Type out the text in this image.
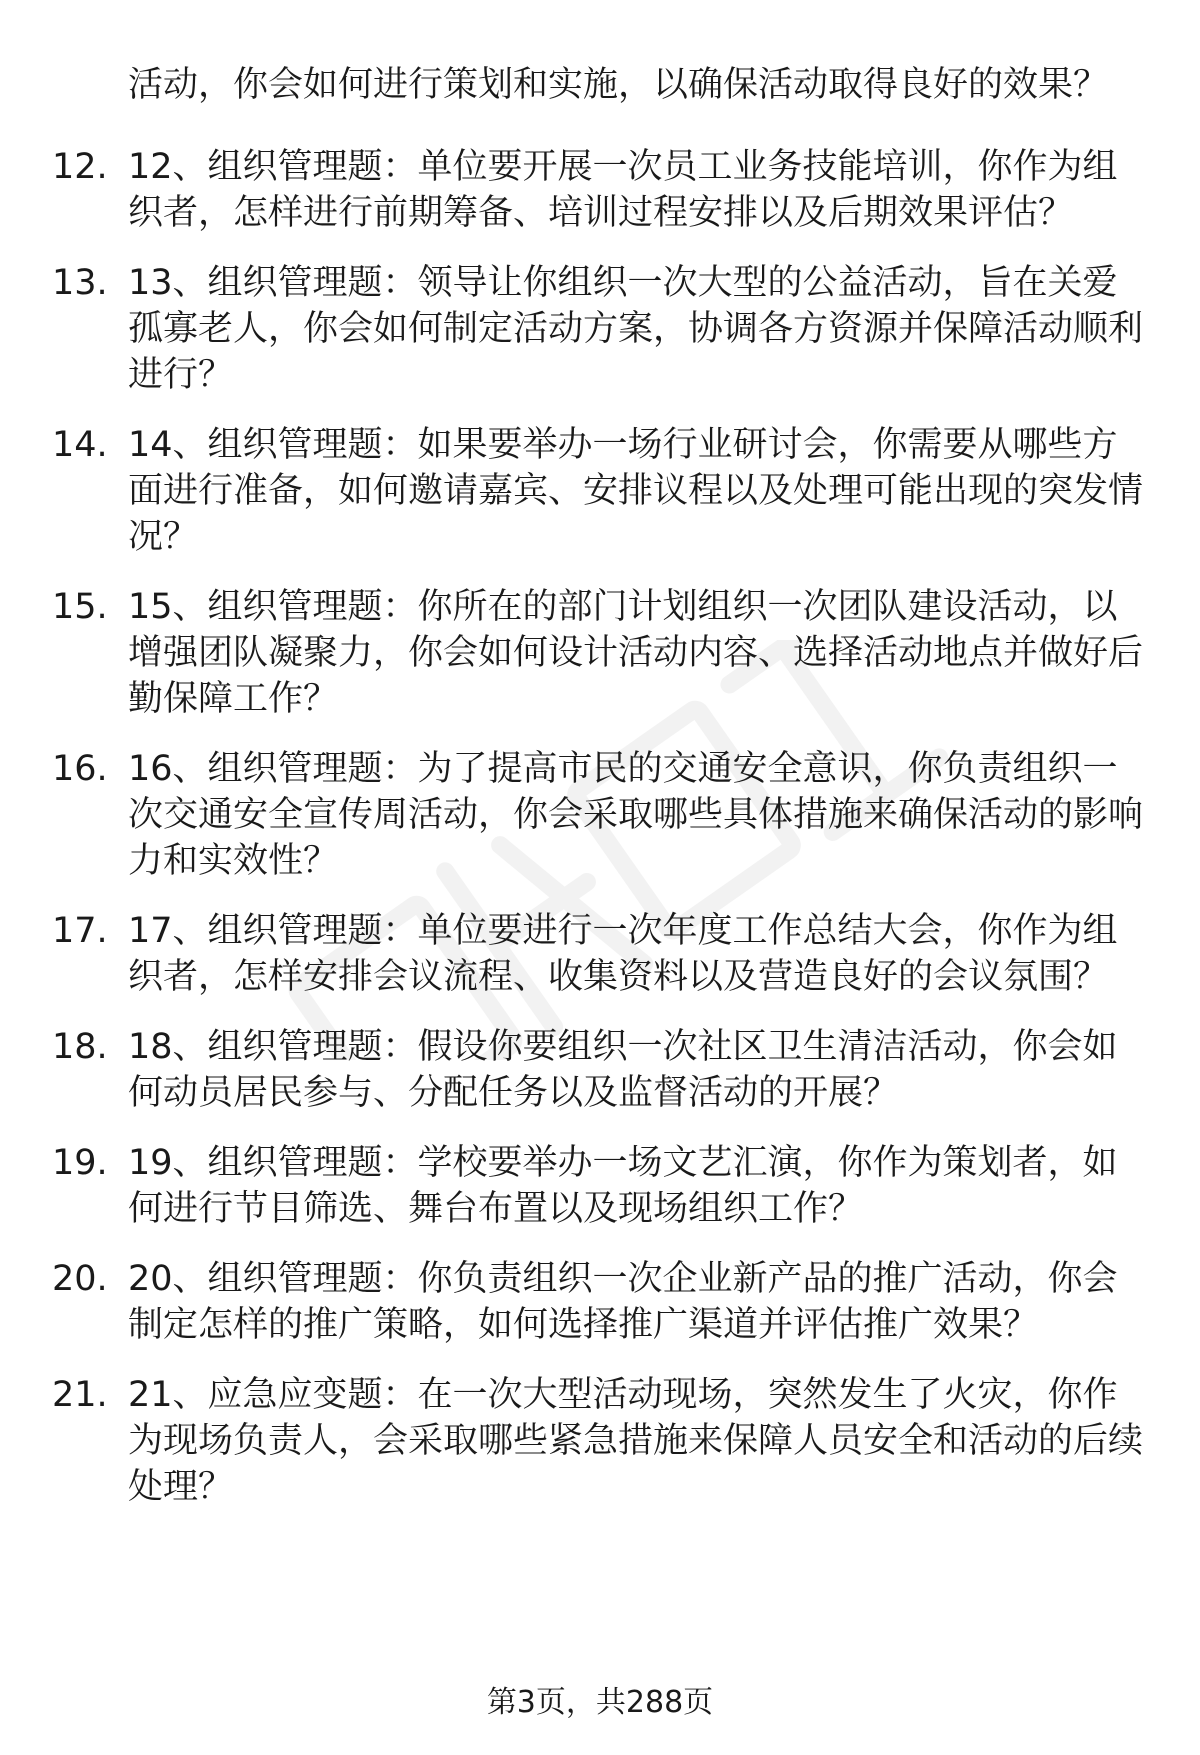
活动，你会如何进行策划和实施，以确保活动取得良好的效果？

12. 12、组织管理题：单位要开展一次员工业务技能培训，你作为组织者，怎样进行前期筹备、培训过程安排以及后期效果评估？

13. 13、组织管理题：领导让你组织一次大型的公益活动，旨在关爱孤寡老人，你会如何制定活动方案，协调各方资源并保障活动顺利进行？

14. 14、组织管理题：如果要举办一场行业研讨会，你需要从哪些方面进行准备，如何邀请嘉宾、安排议程以及处理可能出现的突发情况？

15. 15、组织管理题：你所在的部门计划组织一次团队建设活动，以增强团队凝聚力，你会如何设计活动内容、选择活动地点并做好后勤保障工作？

16. 16、组织管理题：为了提高市民的交通安全意识，你负责组织一次交通安全宣传周活动，你会采取哪些具体措施来确保活动的影响力和实效性？

17. 17、组织管理题：单位要进行一次年度工作总结大会，你作为组织者，怎样安排会议流程、收集资料以及营造良好的会议氛围？

18. 18、组织管理题：假设你要组织一次社区卫生清洁活动，你会如何动员居民参与、分配任务以及监督活动的开展？

19. 19、组织管理题：学校要举办一场文艺汇演，你作为策划者，如何进行节目筛选、舞台布置以及现场组织工作？

20. 20、组织管理题：你负责组织一次企业新产品的推广活动，你会制定怎样的推广策略，如何选择推广渠道并评估推广效果？

21. 21、应急应变题：在一次大型活动现场，突然发生了火灾，你作为现场负责人，会采取哪些紧急措施来保障人员安全和活动的后续处理？

第3页，共288页
